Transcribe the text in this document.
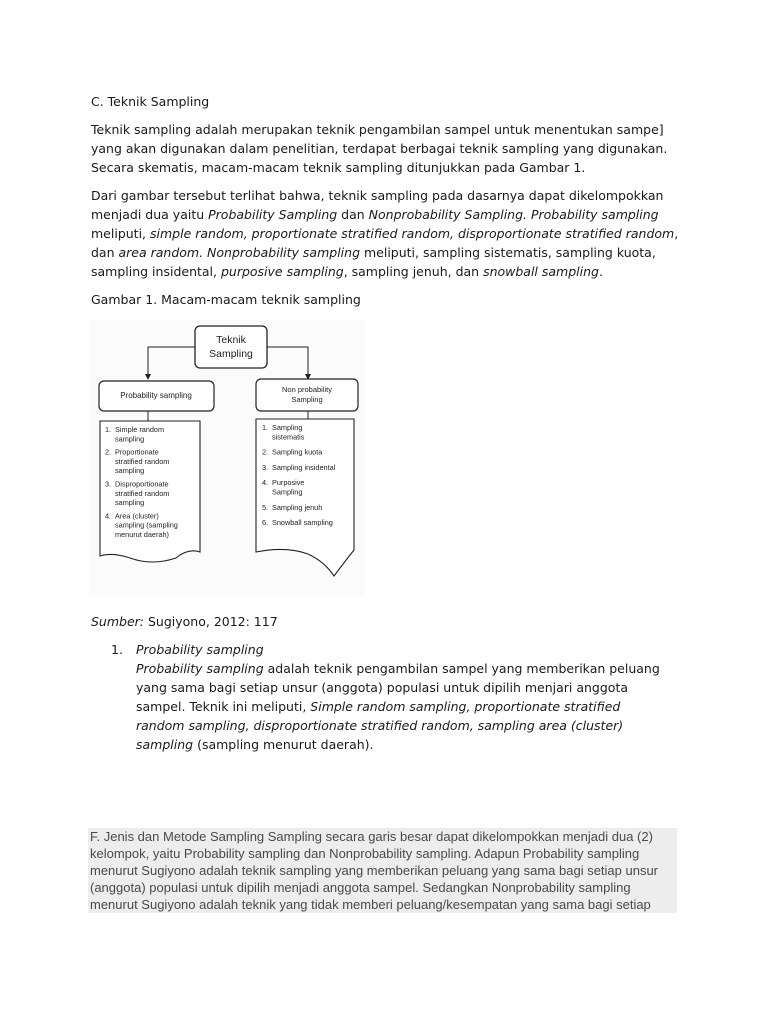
C. Teknik Sampling

Teknik sampling adalah merupakan teknik pengambilan sampel untuk menentukan sampe] yang akan digunakan dalam penelitian, terdapat berbagai teknik sampling yang digunakan. Secara skematis, macam-macam teknik sampling ditunjukkan pada Gambar 1.

Dari gambar tersebut terlihat bahwa, teknik sampling pada dasarnya dapat dikelompokkan menjadi dua yaitu Probability Sampling dan Nonprobability Sampling. Probability sampling meliputi, simple random, proportionate stratified random, disproportionate stratified random, dan area random. Nonprobability sampling meliputi, sampling sistematis, sampling kuota, sampling insidental, purposive sampling, sampling jenuh, dan snowball sampling.

Gambar 1. Macam-macam teknik sampling

Sumber: Sugiyono, 2012: 117

1. Probability sampling
Probability sampling adalah teknik pengambilan sampel yang memberikan peluang yang sama bagi setiap unsur (anggota) populasi untuk dipilih menjari anggota sampel. Teknik ini meliputi, Simple random sampling, proportionate stratified random sampling, disproportionate stratified random, sampling area (cluster) sampling (sampling menurut daerah).
Teknik
Sampling
Probability sampling
Non probability
Sampling
1. Simple random
sampling
2. Proportionate
stratified random
sampling
3. Disproportionate
stratified random
sampling
4. Area (cluster)
sampling (sampling
menurut daerah)
1. Sampling
sistematis
2. Sampling kuota
3. Sampling insidental
4. Purposive
Sampling
5. Sampling jenuh
6. Snowball sampling
F. Jenis dan Metode Sampling Sampling secara garis besar dapat dikelompokkan menjadi dua (2) kelompok, yaitu Probability sampling dan Nonprobability sampling. Adapun Probability sampling menurut Sugiyono adalah teknik sampling yang memberikan peluang yang sama bagi setiap unsur (anggota) populasi untuk dipilih menjadi anggota sampel. Sedangkan Nonprobability sampling menurut Sugiyono adalah teknik yang tidak memberi peluang/kesempatan yang sama bagi setiap
